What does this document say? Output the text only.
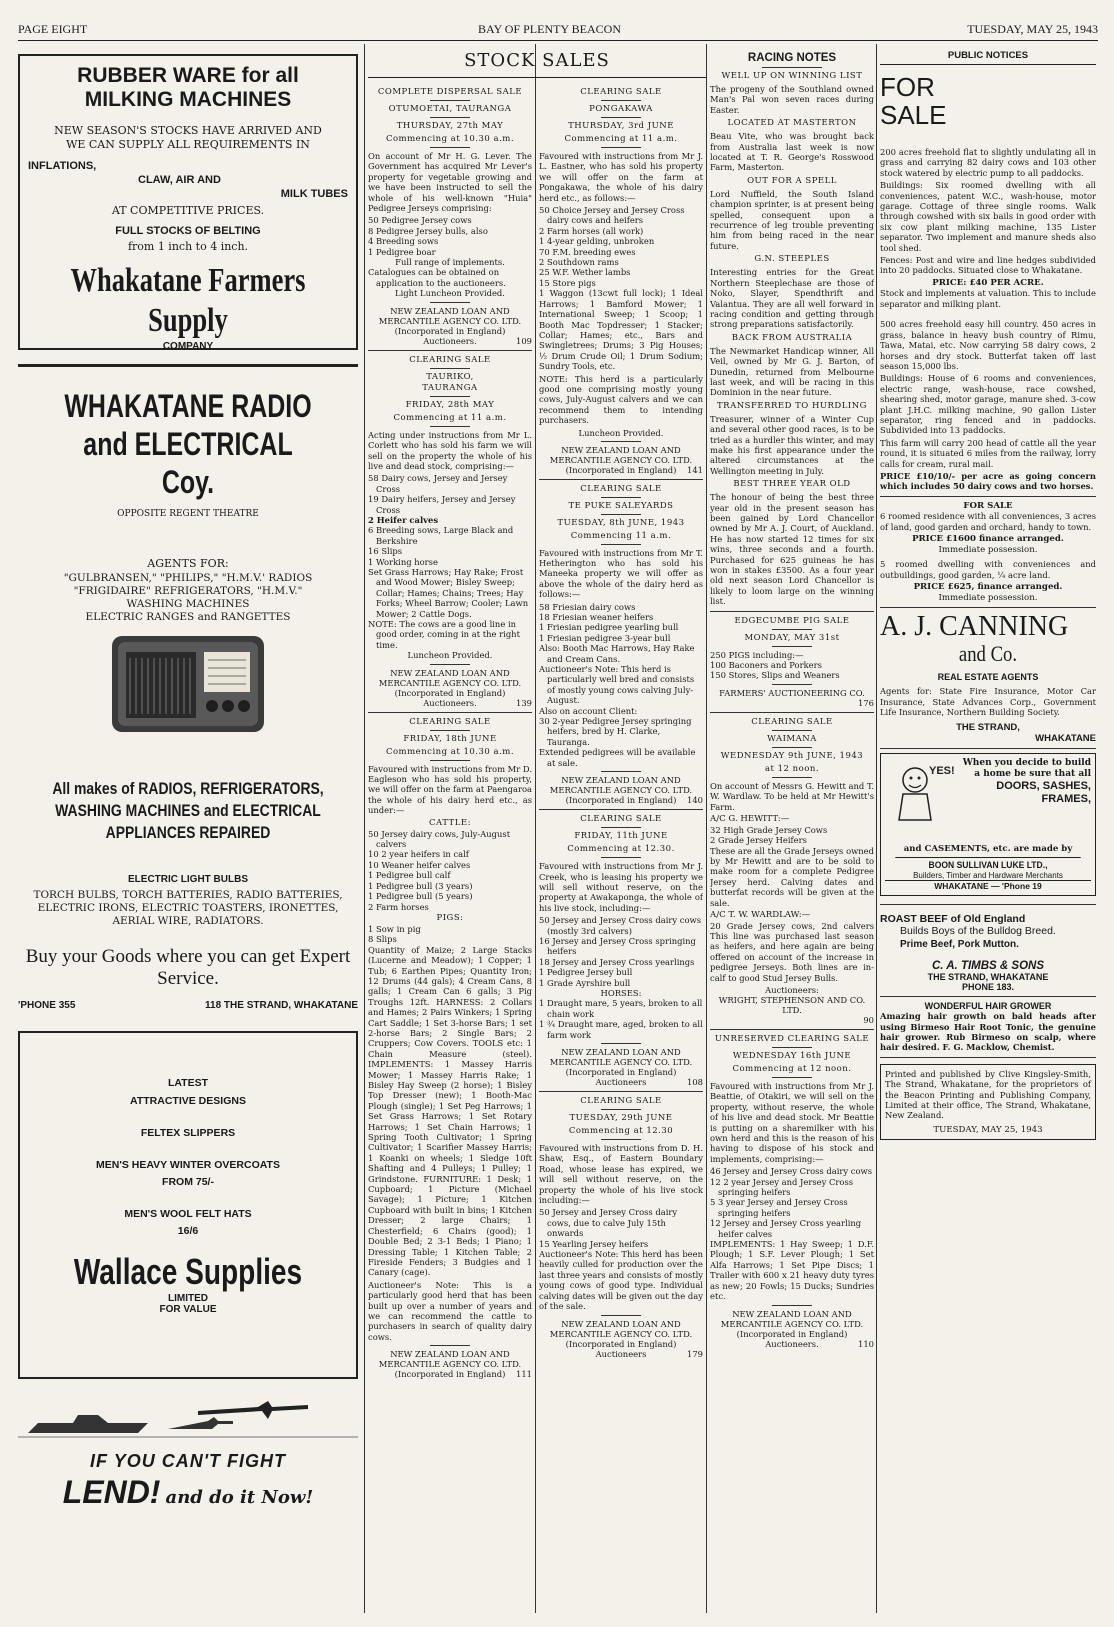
PAGE EIGHT	BAY OF PLENTY BEACON	TUESDAY, MAY 25, 1943
RUBBER WARE for all
MILKING MACHINES
NEW SEASON'S STOCKS HAVE ARRIVED AND
WE CAN SUPPLY ALL REQUIREMENTS IN
INFLATIONS,
CLAW, AIR AND
MILK TUBES
AT COMPETITIVE PRICES.
FULL STOCKS OF BELTING
from 1 inch to 4 inch.
Whakatane Farmers Supply
COMPANY
WHAKATANE RADIO
and ELECTRICAL Coy.
OPPOSITE REGENT THEATRE
AGENTS FOR:
"GULBRANSEN," "PHILIPS," "H.M.V.' RADIOS
"FRIGIDAIRE" REFRIGERATORS, "H.M.V."
WASHING MACHINES
ELECTRIC RANGES and RANGETTES
All makes of RADIOS, REFRIGERATORS, WASHING MACHINES and ELECTRICAL APPLIANCES REPAIRED
ELECTRIC LIGHT BULBS
TORCH BULBS, TORCH BATTERIES, RADIO BATTERIES, ELECTRIC IRONS, ELECTRIC TOASTERS, IRONETTES, AERIAL WIRE, RADIATORS.
Buy your Goods where you can get Expert Service.
'PHONE 355	118 THE STRAND, WHAKATANE
LATEST
ATTRACTIVE DESIGNS
FELTEX SLIPPERS
MEN'S HEAVY WINTER OVERCOATS
FROM 75/-
MEN'S WOOL FELT HATS
16/6
Wallace Supplies
LIMITED
FOR VALUE
IF YOU CAN'T FIGHT
LEND! and do it Now!
STOCK SALES
COMPLETE DISPERSAL SALE
OTUMOETAI, TAURANGA
THURSDAY, 27th MAY
Commencing at 10.30 a.m.

On account of Mr H. G. Lever. The Government has acquired Mr Lever's property for vegetable growing and we have been instructed to sell the whole of his well-known "Huia" Pedigree Jerseys comprising:

50 Pedigree Jersey cows
8 Pedigree Jersey bulls, also
4 Breeding sows
1 Pedigree boar
Full range of implements.
Catalogues can be obtained on application to the auctioneers.
Light Luncheon Provided.
NEW ZEALAND LOAN AND MERCANTILE AGENCY CO. LTD.
(Incorporated in England)
Auctioneers.	109
CLEARING SALE
TAURIKO,
TAURANGA
FRIDAY, 28th MAY
Commencing at 11 a.m.

Acting under instructions from Mr L. Corlett who has sold his farm we will sell on the property the whole of his live and dead stock, comprising:—

58 Dairy cows, Jersey and Jersey Cross
19 Dairy heifers, Jersey and Jersey Cross
2 Heifer calves
6 Breeding sows, Large Black and Berkshire
16 Slips
1 Working horse
Set Grass Harrows; Hay Rake; Frost and Wood Mower; Bisley Sweep; Collar; Hames; Chains; Trees; Hay Forks; Wheel Barrow; Cooler; Lawn Mower; 2 Cattle Dogs.
NOTE: The cows are a good line in good order, coming in at the right time.
Luncheon Provided.
NEW ZEALAND LOAN AND MERCANTILE AGENCY CO. LTD.
(Incorporated in England)
Auctioneers.	139
CLEARING SALE
FRIDAY, 18th JUNE
Commencing at 10.30 a.m.

Favoured with instructions from Mr D. Eagleson who has sold his property, we will offer on the farm at Paengaroa the whole of his dairy herd etc., as under:—

CATTLE:
50 Jersey dairy cows, July-August calvers
10 2 year heifers in calf
10 Weaner heifer calves
1 Pedigree bull calf
1 Pedigree bull (3 years)
1 Pedigree bull (5 years)
2 Farm horses
PIGS:
1 Sow in pig
8 Slips

Quantity of Maize; 2 Large Stacks (Lucerne and Meadow); 1 Copper; 1 Tub; 6 Earthen Pipes; Quantity Iron; 12 Drums (44 gals); 4 Cream Cans, 8 galls; 1 Cream Can 6 galls; 3 Pig Troughs 12ft. HARNESS: 2 Collars and Hames; 2 Pairs Winkers; 1 Spring Cart Saddle; 1 Set 3-horse Bars; 1 set 2-horse Bars; 2 Single Bars; 2 Cruppers; Cow Covers. TOOLS etc: 1 Chain Measure (steel). IMPLEMENTS: 1 Massey Harris Mower; 1 Massey Harris Rake; 1 Bisley Hay Sweep (2 horse); 1 Bisley Top Dresser (new); 1 Booth-Mac Plough (single); 1 Set Peg Harrows; 1 Set Grass Harrows; 1 Set Rotary Harrows; 1 Set Chain Harrows; 1 Spring Tooth Cultivator; 1 Spring Cultivator; 1 Scarifier Massey Harris; 1 Koanki on wheels; 1 Sledge 10ft Shafting and 4 Pulleys; 1 Pulley; 1 Grindstone. FURNITURE: 1 Desk; 1 Cupboard; 1 Picture (Michael Savage); 1 Picture; 1 Kitchen Cupboard with built in bins; 1 Kitchen Dresser; 2 large Chairs; 1 Chesterfield; 6 Chairs (good); 1 Double Bed; 2 3-1 Beds; 1 Piano; 1 Dressing Table; 1 Kitchen Table; 2 Fireside Fenders; 3 Budgies and 1 Canary (cage).

Auctioneer's Note: This is a particularly good herd that has been built up over a number of years and we can recommend the cattle to purchasers in search of quality dairy cows.

NEW ZEALAND LOAN AND MERCANTILE AGENCY CO. LTD.
(Incorporated in England) 111
CLEARING SALE
PONGAKAWA
THURSDAY, 3rd JUNE
Commencing at 11 a.m.

Favoured with instructions from Mr J. L. Eastner, who has sold his property we will offer on the farm at Pongakawa, the whole of his dairy herd etc., as follows:—

50 Choice Jersey and Jersey Cross dairy cows and heifers
2 Farm horses (all work)
1 4-year gelding, unbroken
70 F.M. breeding ewes
2 Southdown rams
25 W.F. Wether lambs
15 Store pigs

1 Waggon (13cwt full lock); 1 Ideal Harrows; 1 Bamford Mower; 1 International Sweep; 1 Scoop; 1 Booth Mac Topdresser; 1 Stacker; Collar; Hames; etc., Bars and Swingletrees; Drums; 3 Pig Houses; ½ Drum Crude Oil; 1 Drum Sodium; Sundry Tools, etc.

NOTE: This herd is a particularly good one comprising mostly young cows, July-August calvers and we can recommend them to intending purchasers.

Luncheon Provided.
NEW ZEALAND LOAN AND MERCANTILE AGENCY CO. LTD.
(Incorporated in England) 141
CLEARING SALE
TE PUKE SALEYARDS
TUESDAY, 8th JUNE, 1943
Commencing 11 a.m.

Favoured with instructions from Mr T. Hetherington who has sold his Maneeka property we will offer as above the whole of the dairy herd as follows:—

58 Friesian dairy cows
18 Friesian weaner heifers
1 Friesian pedigree yearling bull
1 Friesian pedigree 3-year bull
Also: Booth Mac Harrows, Hay Rake and Cream Cans.
Auctioneer's Note: This herd is particularly well bred and consists of mostly young cows calving July-August.
Also on account Client:
30 2-year Pedigree Jersey springing heifers, bred by H. Clarke, Tauranga.
Extended pedigrees will be available at sale.
NEW ZEALAND LOAN AND MERCANTILE AGENCY CO. LTD.
(Incorporated in England) 140
CLEARING SALE
FRIDAY, 11th JUNE
Commencing at 12.30.

Favoured with instructions from Mr J. Creek, who is leasing his property we will sell without reserve, on the property at Awakaponga, the whole of his live stock, including:—

50 Jersey and Jersey Cross dairy cows (mostly 3rd calvers)
16 Jersey and Jersey Cross springing heifers
18 Jersey and Jersey Cross yearlings
1 Pedigree Jersey bull
1 Grade Ayrshire bull
HORSES:
1 Draught mare, 5 years, broken to all chain work
1 ¾ Draught mare, aged, broken to all farm work
NEW ZEALAND LOAN AND MERCANTILE AGENCY CO. LTD.
(Incorporated in England)
Auctioneers	108
CLEARING SALE
TUESDAY, 29th JUNE
Commencing at 12.30

Favoured with instructions from D. H. Shaw, Esq., of Eastern Boundary Road, whose lease has expired, we will sell without reserve, on the property the whole of his live stock including:—

50 Jersey and Jersey Cross dairy cows, due to calve July 15th onwards
15 Yearling Jersey heifers

Auctioneer's Note: This herd has been heavily culled for production over the last three years and consists of mostly young cows of good type. Individual calving dates will be given out the day of the sale.

NEW ZEALAND LOAN AND MERCANTILE AGENCY CO. LTD.
(Incorporated in England)
Auctioneers	179
RACING NOTES
WELL UP ON WINNING LIST

The progeny of the Southland owned Man's Pal won seven races during Easter.

LOCATED AT MASTERTON

Beau Vite, who was brought back from Australia last week is now located at T. R. George's Rosswood Farm, Masterton.

OUT FOR A SPELL

Lord Nuffield, the South Island champion sprinter, is at present being spelled, consequent upon a recurrence of leg trouble preventing him from being raced in the near future.

G.N. STEEPLES

Interesting entries for the Great Northern Steeplechase are those of Noko, Slayer, Spendthrift and Valantua. They are all well forward in racing condition and getting through strong preparations satisfactorily.

BACK FROM AUSTRALIA

The Newmarket Handicap winner, All Veil, owned by Mr G. J. Barton, of Dunedin, returned from Melbourne last week, and will be racing in this Dominion in the near future.

TRANSFERRED TO HURDLING

Treasurer, winner of a Winter Cup and several other good races, is to be tried as a hurdler this winter, and may make his first appearance under the altered circumstances at the Wellington meeting in July.

BEST THREE YEAR OLD

The honour of being the best three year old in the present season has been gained by Lord Chancellor owned by Mr A. J. Court, of Auckland. He has now started 12 times for six wins, three seconds and a fourth. Purchased for 625 guineas he has won in stakes £3500. As a four year old next season Lord Chancellor is likely to loom large on the winning list.

EDGECUMBE PIG SALE
MONDAY, MAY 31st
250 PIGS including:—
100 Baconers and Porkers
150 Stores, Slips and Weaners
FARMERS' AUCTIONEERING CO.
176
CLEARING SALE
WAIMANA
WEDNESDAY 9th JUNE, 1943
at 12 noon.

On account of Messrs G. Hewitt and T. W. Wardlaw. To be held at Mr Hewitt's Farm.

A/C G. HEWITT:—
32 High Grade Jersey Cows
2 Grade Jersey Heifers

These are all the Grade Jerseys owned by Mr Hewitt and are to be sold to make room for a complete Pedigree Jersey herd. Calving dates and butterfat records will be given at the sale.

A/C T. W. WARDLAW:—

20 Grade Jersey cows, 2nd calvers This line was purchased last season as heifers, and here again are being offered on account of the increase in pedigree Jerseys. Both lines are in-calf to good Stud Jersey Bulls.

Auctioneers:
WRIGHT, STEPHENSON AND CO. LTD.
90
UNRESERVED CLEARING SALE
WEDNESDAY 16th JUNE
Commencing at 12 noon.

Favoured with instructions from Mr J. Beattie, of Otakiri, we will sell on the property, without reserve, the whole of his live and dead stock. Mr Beattie is putting on a sharemilker with his own herd and this is the reason of his having to dispose of his stock and implements, comprising:—

46 Jersey and Jersey Cross dairy cows
12 2 year Jersey and Jersey Cross springing heifers
5 3 year Jersey and Jersey Cross springing heifers
12 Jersey and Jersey Cross yearling heifer calves

IMPLEMENTS: 1 Hay Sweep; 1 D.F. Plough; 1 S.F. Lever Plough; 1 Set Alfa Harrows; 1 Set Pipe Discs; 1 Trailer with 600 x 21 heavy duty tyres as new; 20 Fowls; 15 Ducks; Sundries etc.

NEW ZEALAND LOAN AND MERCANTILE AGENCY CO. LTD.
(Incorporated in England)
Auctioneers.	110
PUBLIC NOTICES
FOR SALE

200 acres freehold flat to slightly undulating all in grass and carrying 82 dairy cows and 103 other stock watered by electric pump to all paddocks.

Buildings: Six roomed dwelling with all conveniences, patent W.C., wash-house, motor garage. Cottage of three single rooms. Walk through cowshed with six bails in good order with six cow plant milking machine, 135 Lister separator. Two implement and manure sheds also tool shed.

Fences: Post and wire and line hedges subdivided into 20 paddocks. Situated close to Whakatane.

PRICE: £40 PER ACRE.

Stock and implements at valuation. This to include separator and milking plant.

500 acres freehold easy hill country. 450 acres in grass, balance in heavy bush country of Rimu, Tawa, Matai, etc. Now carrying 58 dairy cows, 2 horses and dry stock. Butterfat taken off last season 15,000 lbs.

Buildings: House of 6 rooms and conveniences, electric range, wash-house, race cowshed, shearing shed, motor garage, manure shed. 3-cow plant J.H.C. milking machine, 90 gallon Lister separator, ring fenced and in paddocks. Subdivided into 13 paddocks.

This farm will carry 200 head of cattle all the year round, it is situated 6 miles from the railway, lorry calls for cream, rural mail.

PRICE £10/10/- per acre as going concern which includes 50 dairy cows and two horses.

FOR SALE

6 roomed residence with all conveniences, 3 acres of land, good garden and orchard, handy to town.

PRICE £1600 finance arranged.
Immediate possession.

5 roomed dwelling with conveniences and outbuildings, good garden, ¼ acre land.

PRICE £625, finance arranged.
Immediate possession.
A. J. CANNING
and Co.
REAL ESTATE AGENTS

Agents for: State Fire Insurance, Motor Car Insurance, State Advances Corp., Government Life Insurance, Northern Building Society.

THE STRAND,
WHAKATANE
YES!
When you decide to build a home be sure that all
DOORS, SASHES, FRAMES,
and CASEMENTS, etc. are made by
BOON SULLIVAN LUKE LTD.,
Builders, Timber and Hardware Merchants
WHAKATANE — 'Phone 19
ROAST BEEF of Old England
Builds Boys of the Bulldog Breed.
Prime Beef, Pork Mutton.
C. A. TIMBS & SONS
THE STRAND, WHAKATANE
PHONE 183.
WONDERFUL HAIR GROWER

Amazing hair growth on bald heads after using Birmeso Hair Root Tonic, the genuine hair grower. Rub Birmeso on scalp, where hair desired. F. G. Macklow, Chemist.

Printed and published by Clive Kingsley-Smith, The Strand, Whakatane, for the proprietors of the Beacon Printing and Publishing Company, Limited at their office, The Strand, Whakatane, New Zealand.

TUESDAY, MAY 25, 1943
